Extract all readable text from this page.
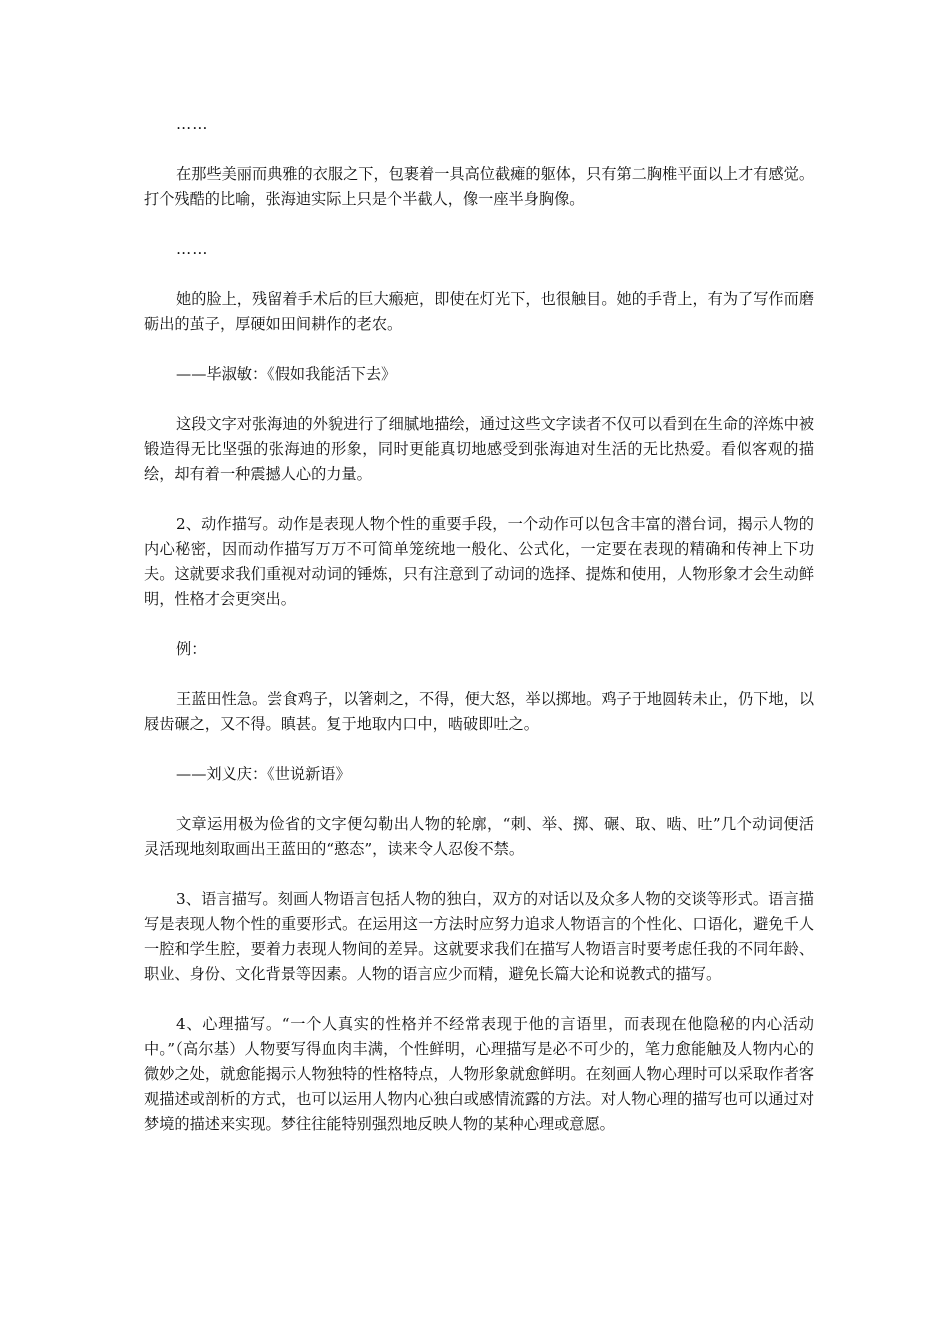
……

在那些美丽而典雅的衣服之下，包裹着一具高位截瘫的躯体，只有第二胸椎平面以上才有感觉。打个残酷的比喻，张海迪实际上只是个半截人，像一座半身胸像。

……

她的脸上，残留着手术后的巨大瘢疤，即使在灯光下，也很触目。她的手背上，有为了写作而磨砺出的茧子，厚硬如田间耕作的老农。

——毕淑敏：《假如我能活下去》

这段文字对张海迪的外貌进行了细腻地描绘，通过这些文字读者不仅可以看到在生命的淬炼中被锻造得无比坚强的张海迪的形象，同时更能真切地感受到张海迪对生活的无比热爱。看似客观的描绘，却有着一种震撼人心的力量。

2、动作描写。动作是表现人物个性的重要手段，一个动作可以包含丰富的潜台词，揭示人物的内心秘密，因而动作描写万万不可简单笼统地一般化、公式化，一定要在表现的精确和传神上下功夫。这就要求我们重视对动词的锤炼，只有注意到了动词的选择、提炼和使用，人物形象才会生动鲜明，性格才会更突出。

例：

王蓝田性急。尝食鸡子，以箸刺之，不得，便大怒，举以掷地。鸡子于地圆转未止，仍下地，以屐齿碾之，又不得。瞋甚。复于地取内口中，啮破即吐之。

——刘义庆：《世说新语》

文章运用极为俭省的文字便勾勒出人物的轮廓，“刺、举、掷、碾、取、啮、吐”几个动词便活灵活现地刻取画出王蓝田的“憨态”，读来令人忍俊不禁。

3、语言描写。刻画人物语言包括人物的独白，双方的对话以及众多人物的交谈等形式。语言描写是表现人物个性的重要形式。在运用这一方法时应努力追求人物语言的个性化、口语化，避免千人一腔和学生腔，要着力表现人物间的差异。这就要求我们在描写人物语言时要考虑任我的不同年龄、职业、身份、文化背景等因素。人物的语言应少而精，避免长篇大论和说教式的描写。

4、心理描写。“一个人真实的性格并不经常表现于他的言语里，而表现在他隐秘的内心活动中。”（高尔基）人物要写得血肉丰满，个性鲜明，心理描写是必不可少的，笔力愈能触及人物内心的微妙之处，就愈能揭示人物独特的性格特点，人物形象就愈鲜明。在刻画人物心理时可以采取作者客观描述或剖析的方式，也可以运用人物内心独白或感情流露的方法。对人物心理的描写也可以通过对梦境的描述来实现。梦往往能特别强烈地反映人物的某种心理或意愿。
